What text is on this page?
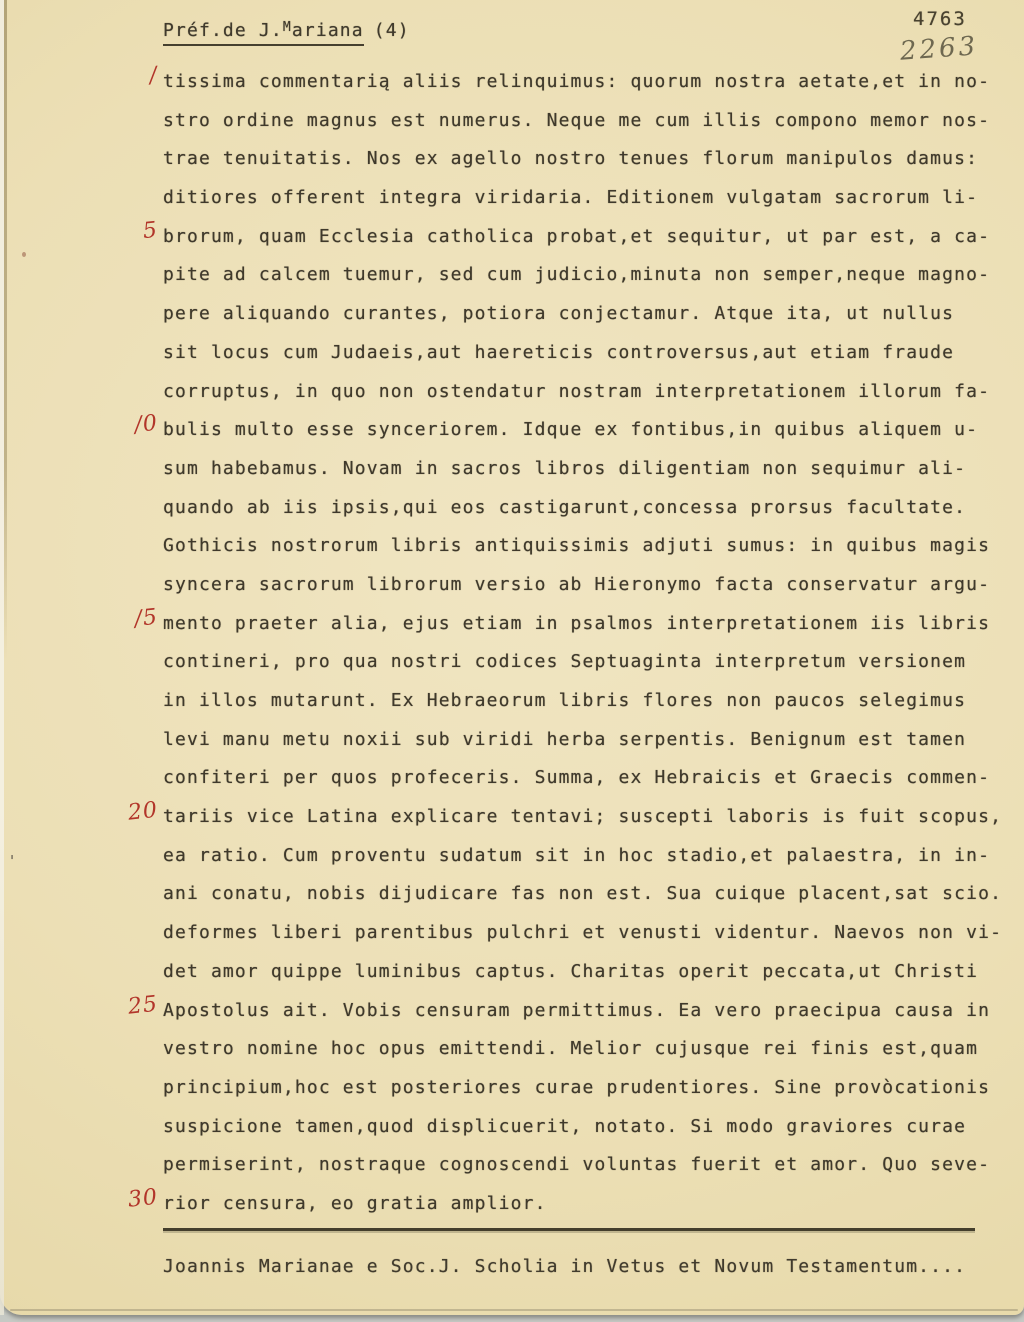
'
Préf.de J.$^M$ariana (4)
4763
2263
/
5
/0
/5
20
25
30
tissima commentarią aliis relinquimus: quorum nostra aetate,et in no-
stro ordine magnus est numerus. Neque me cum illis compono memor nos-
trae tenuitatis. Nos ex agello nostro tenues florum manipulos damus:
ditiores offerent integra viridaria. Editionem vulgatam sacrorum li-
brorum, quam Ecclesia catholica probat,et sequitur, ut par est, a ca-
pite ad calcem tuemur, sed cum judicio,minuta non semper,neque magno-
pere aliquando curantes, potiora conjectamur. Atque ita, ut nullus
sit locus cum Judaeis,aut haereticis controversus,aut etiam fraude
corruptus, in quo non ostendatur nostram interpretationem illorum fa-
bulis multo esse synceriorem. Idque ex fontibus,in quibus aliquem u-
sum habebamus. Novam in sacros libros diligentiam non sequimur ali-
quando ab iis ipsis,qui eos castigarunt,concessa prorsus facultate.
Gothicis nostrorum libris antiquissimis adjuti sumus: in quibus magis
syncera sacrorum librorum versio ab Hieronymo facta conservatur argu-
mento praeter alia, ejus etiam in psalmos interpretationem iis libris
contineri, pro qua nostri codices Septuaginta interpretum versionem
in illos mutarunt. Ex Hebraeorum libris flores non paucos selegimus
levi manu metu noxii sub viridi herba serpentis. Benignum est tamen
confiteri per quos profeceris. Summa, ex Hebraicis et Graecis commen-
tariis vice Latina explicare tentavi; suscepti laboris is fuit scopus,
ea ratio. Cum proventu sudatum sit in hoc stadio,et palaestra, in in-
ani conatu, nobis dijudicare fas non est. Sua cuique placent,sat scio.
deformes liberi parentibus pulchri et venusti videntur. Naevos non vi-
det amor quippe luminibus captus. Charitas operit peccata,ut Christi
Apostolus ait. Vobis censuram permittimus. Ea vero praecipua causa in
vestro nomine hoc opus emittendi. Melior cujusque rei finis est,quam
principium,hoc est posteriores curae prudentiores. Sine provòcationis
suspicione tamen,quod displicuerit, notato. Si modo graviores curae
permiserint, nostraque cognoscendi voluntas fuerit et amor. Quo seve-
rior censura, eo gratia amplior.
Joannis Marianae e Soc.J. Scholia in Vetus et Novum Testamentum....
